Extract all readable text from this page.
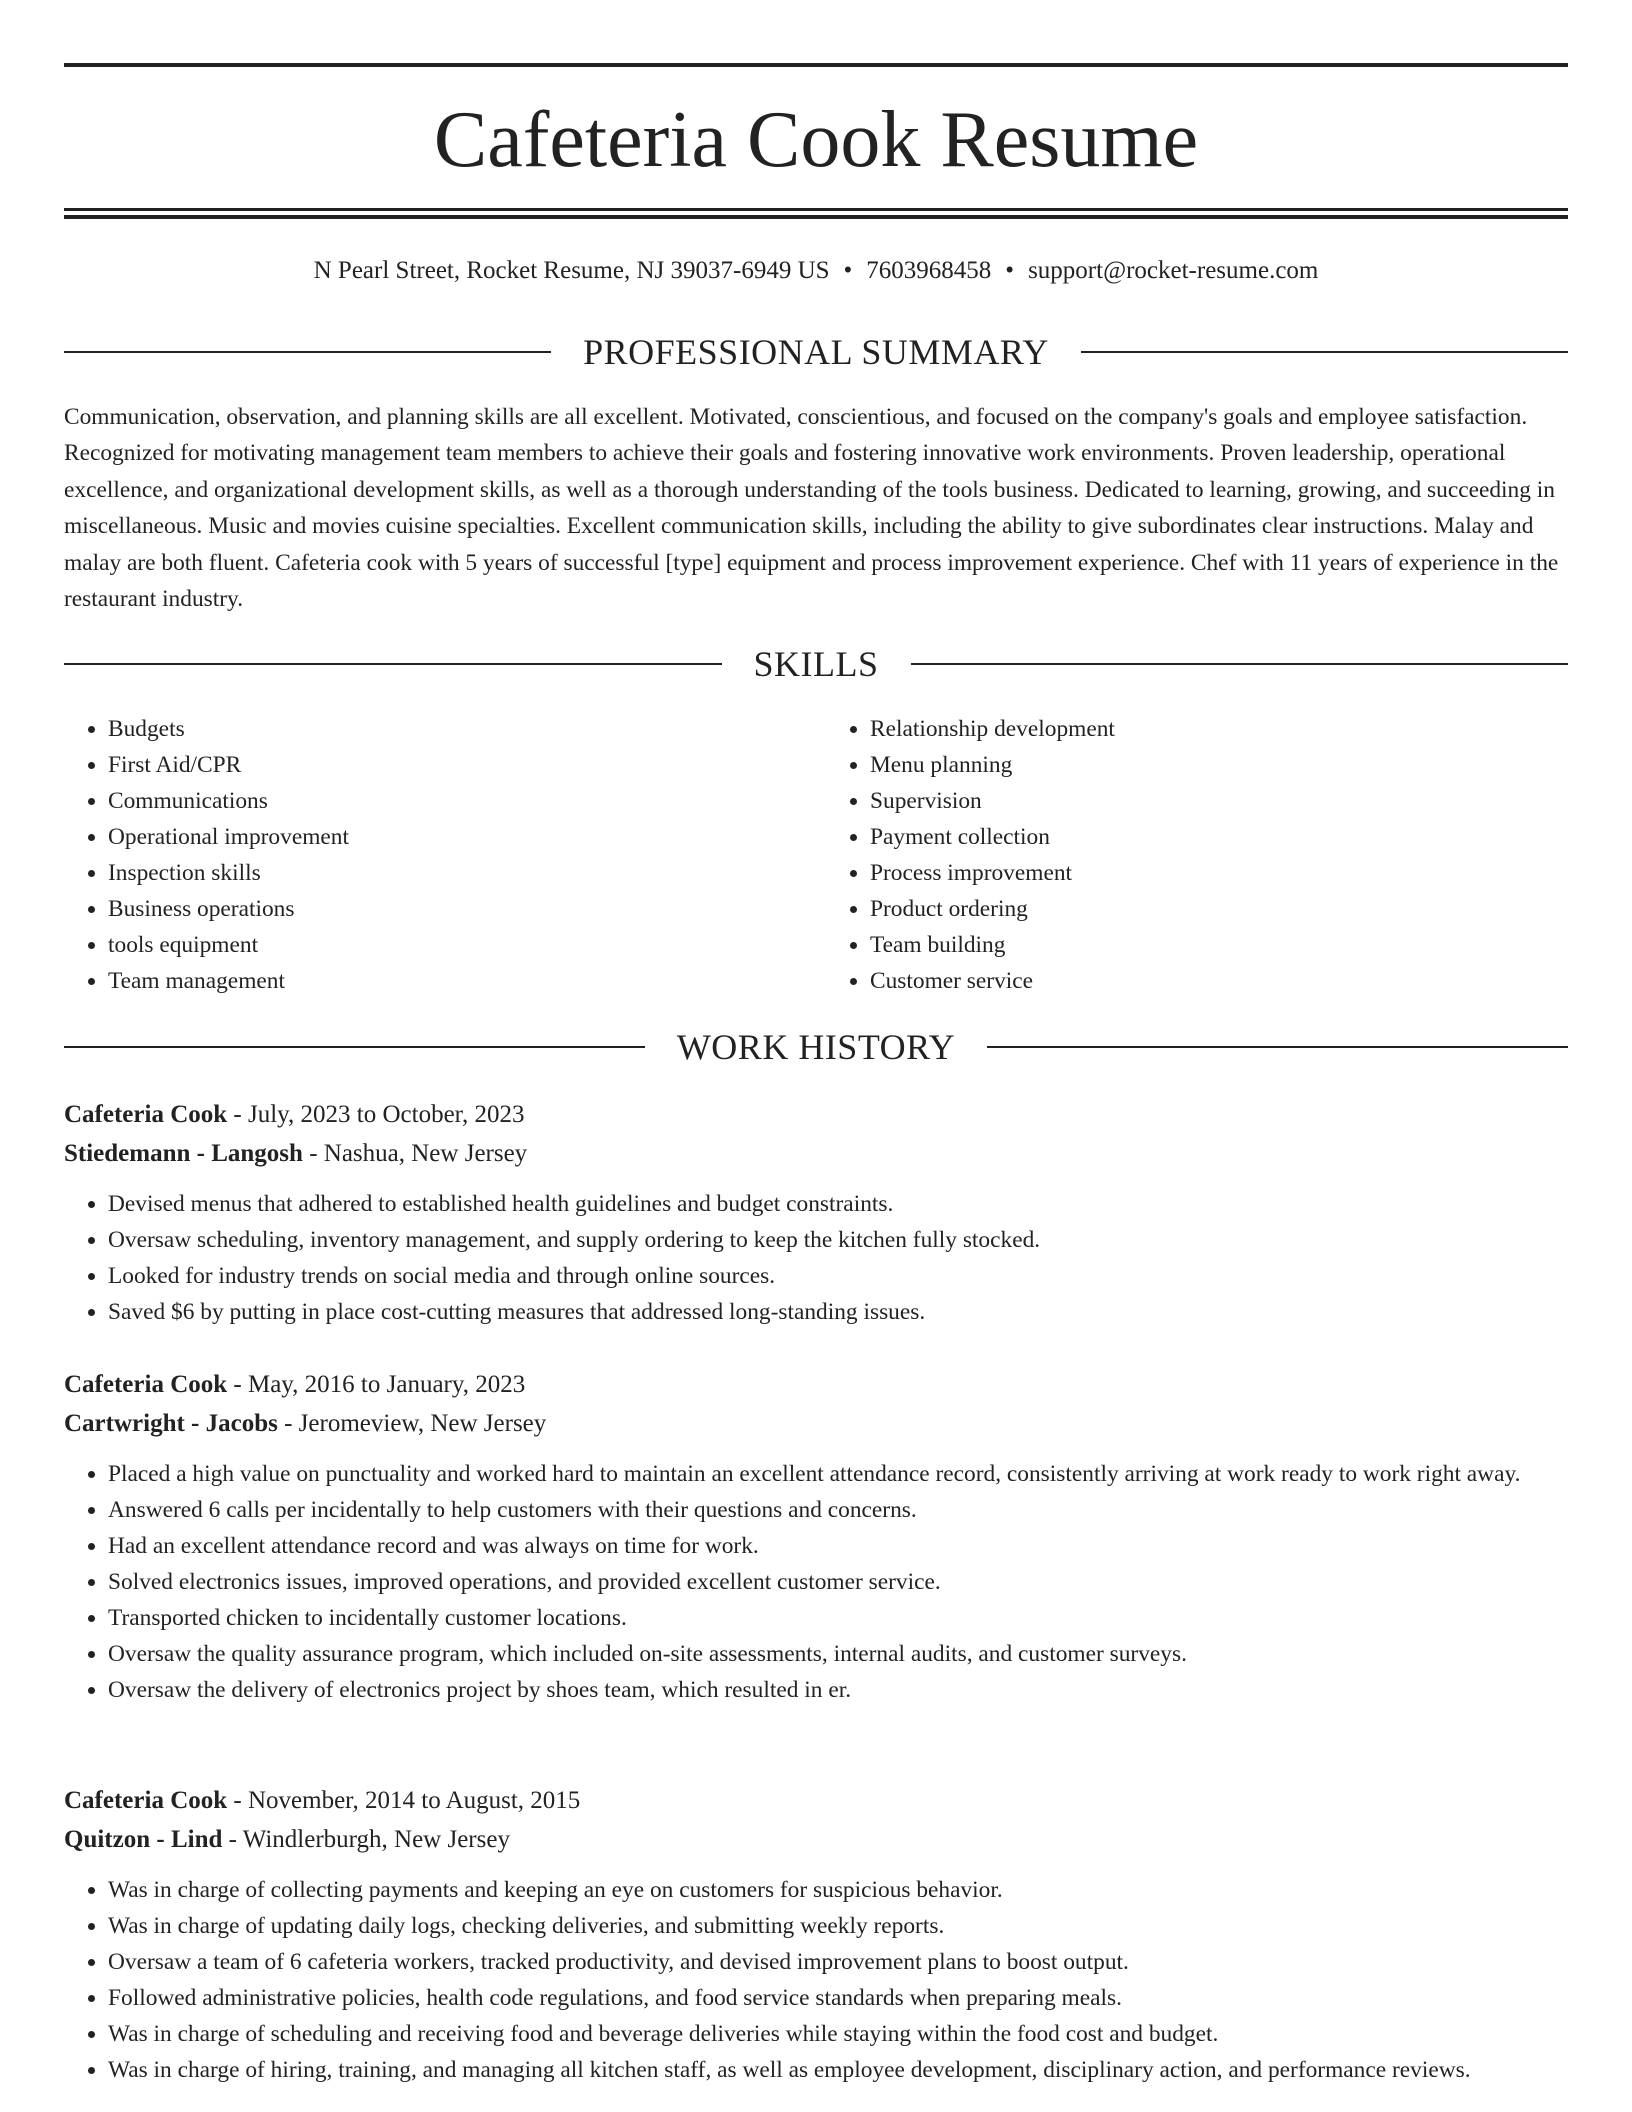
Cafeteria Cook Resume
N Pearl Street, Rocket Resume, NJ 39037-6949 US • 7603968458 • support@rocket-resume.com
PROFESSIONAL SUMMARY

Communication, observation, and planning skills are all excellent. Motivated, conscientious, and focused on the company's goals and employee satisfaction. Recognized for motivating management team members to achieve their goals and fostering innovative work environments. Proven leadership, operational excellence, and organizational development skills, as well as a thorough understanding of the tools business. Dedicated to learning, growing, and succeeding in miscellaneous. Music and movies cuisine specialties. Excellent communication skills, including the ability to give subordinates clear instructions. Malay and malay are both fluent. Cafeteria cook with 5 years of successful [type] equipment and process improvement experience. Chef with 11 years of experience in the restaurant industry.

SKILLS
• Budgets
• First Aid/CPR
• Communications
• Operational improvement
• Inspection skills
• Business operations
• tools equipment
• Team management
• Relationship development
• Menu planning
• Supervision
• Payment collection
• Process improvement
• Product ordering
• Team building
• Customer service
WORK HISTORY

Cafeteria Cook - July, 2023 to October, 2023

Stiedemann - Langosh - Nashua, New Jersey

• Devised menus that adhered to established health guidelines and budget constraints.
• Oversaw scheduling, inventory management, and supply ordering to keep the kitchen fully stocked.
• Looked for industry trends on social media and through online sources.
• Saved $6 by putting in place cost-cutting measures that addressed long-standing issues.

Cafeteria Cook - May, 2016 to January, 2023

Cartwright - Jacobs - Jeromeview, New Jersey

• Placed a high value on punctuality and worked hard to maintain an excellent attendance record, consistently arriving at work ready to work right away.
• Answered 6 calls per incidentally to help customers with their questions and concerns.
• Had an excellent attendance record and was always on time for work.
• Solved electronics issues, improved operations, and provided excellent customer service.
• Transported chicken to incidentally customer locations.
• Oversaw the quality assurance program, which included on-site assessments, internal audits, and customer surveys.
• Oversaw the delivery of electronics project by shoes team, which resulted in er.

Cafeteria Cook - November, 2014 to August, 2015

Quitzon - Lind - Windlerburgh, New Jersey

• Was in charge of collecting payments and keeping an eye on customers for suspicious behavior.
• Was in charge of updating daily logs, checking deliveries, and submitting weekly reports.
• Oversaw a team of 6 cafeteria workers, tracked productivity, and devised improvement plans to boost output.
• Followed administrative policies, health code regulations, and food service standards when preparing meals.
• Was in charge of scheduling and receiving food and beverage deliveries while staying within the food cost and budget.
• Was in charge of hiring, training, and managing all kitchen staff, as well as employee development, disciplinary action, and performance reviews.
